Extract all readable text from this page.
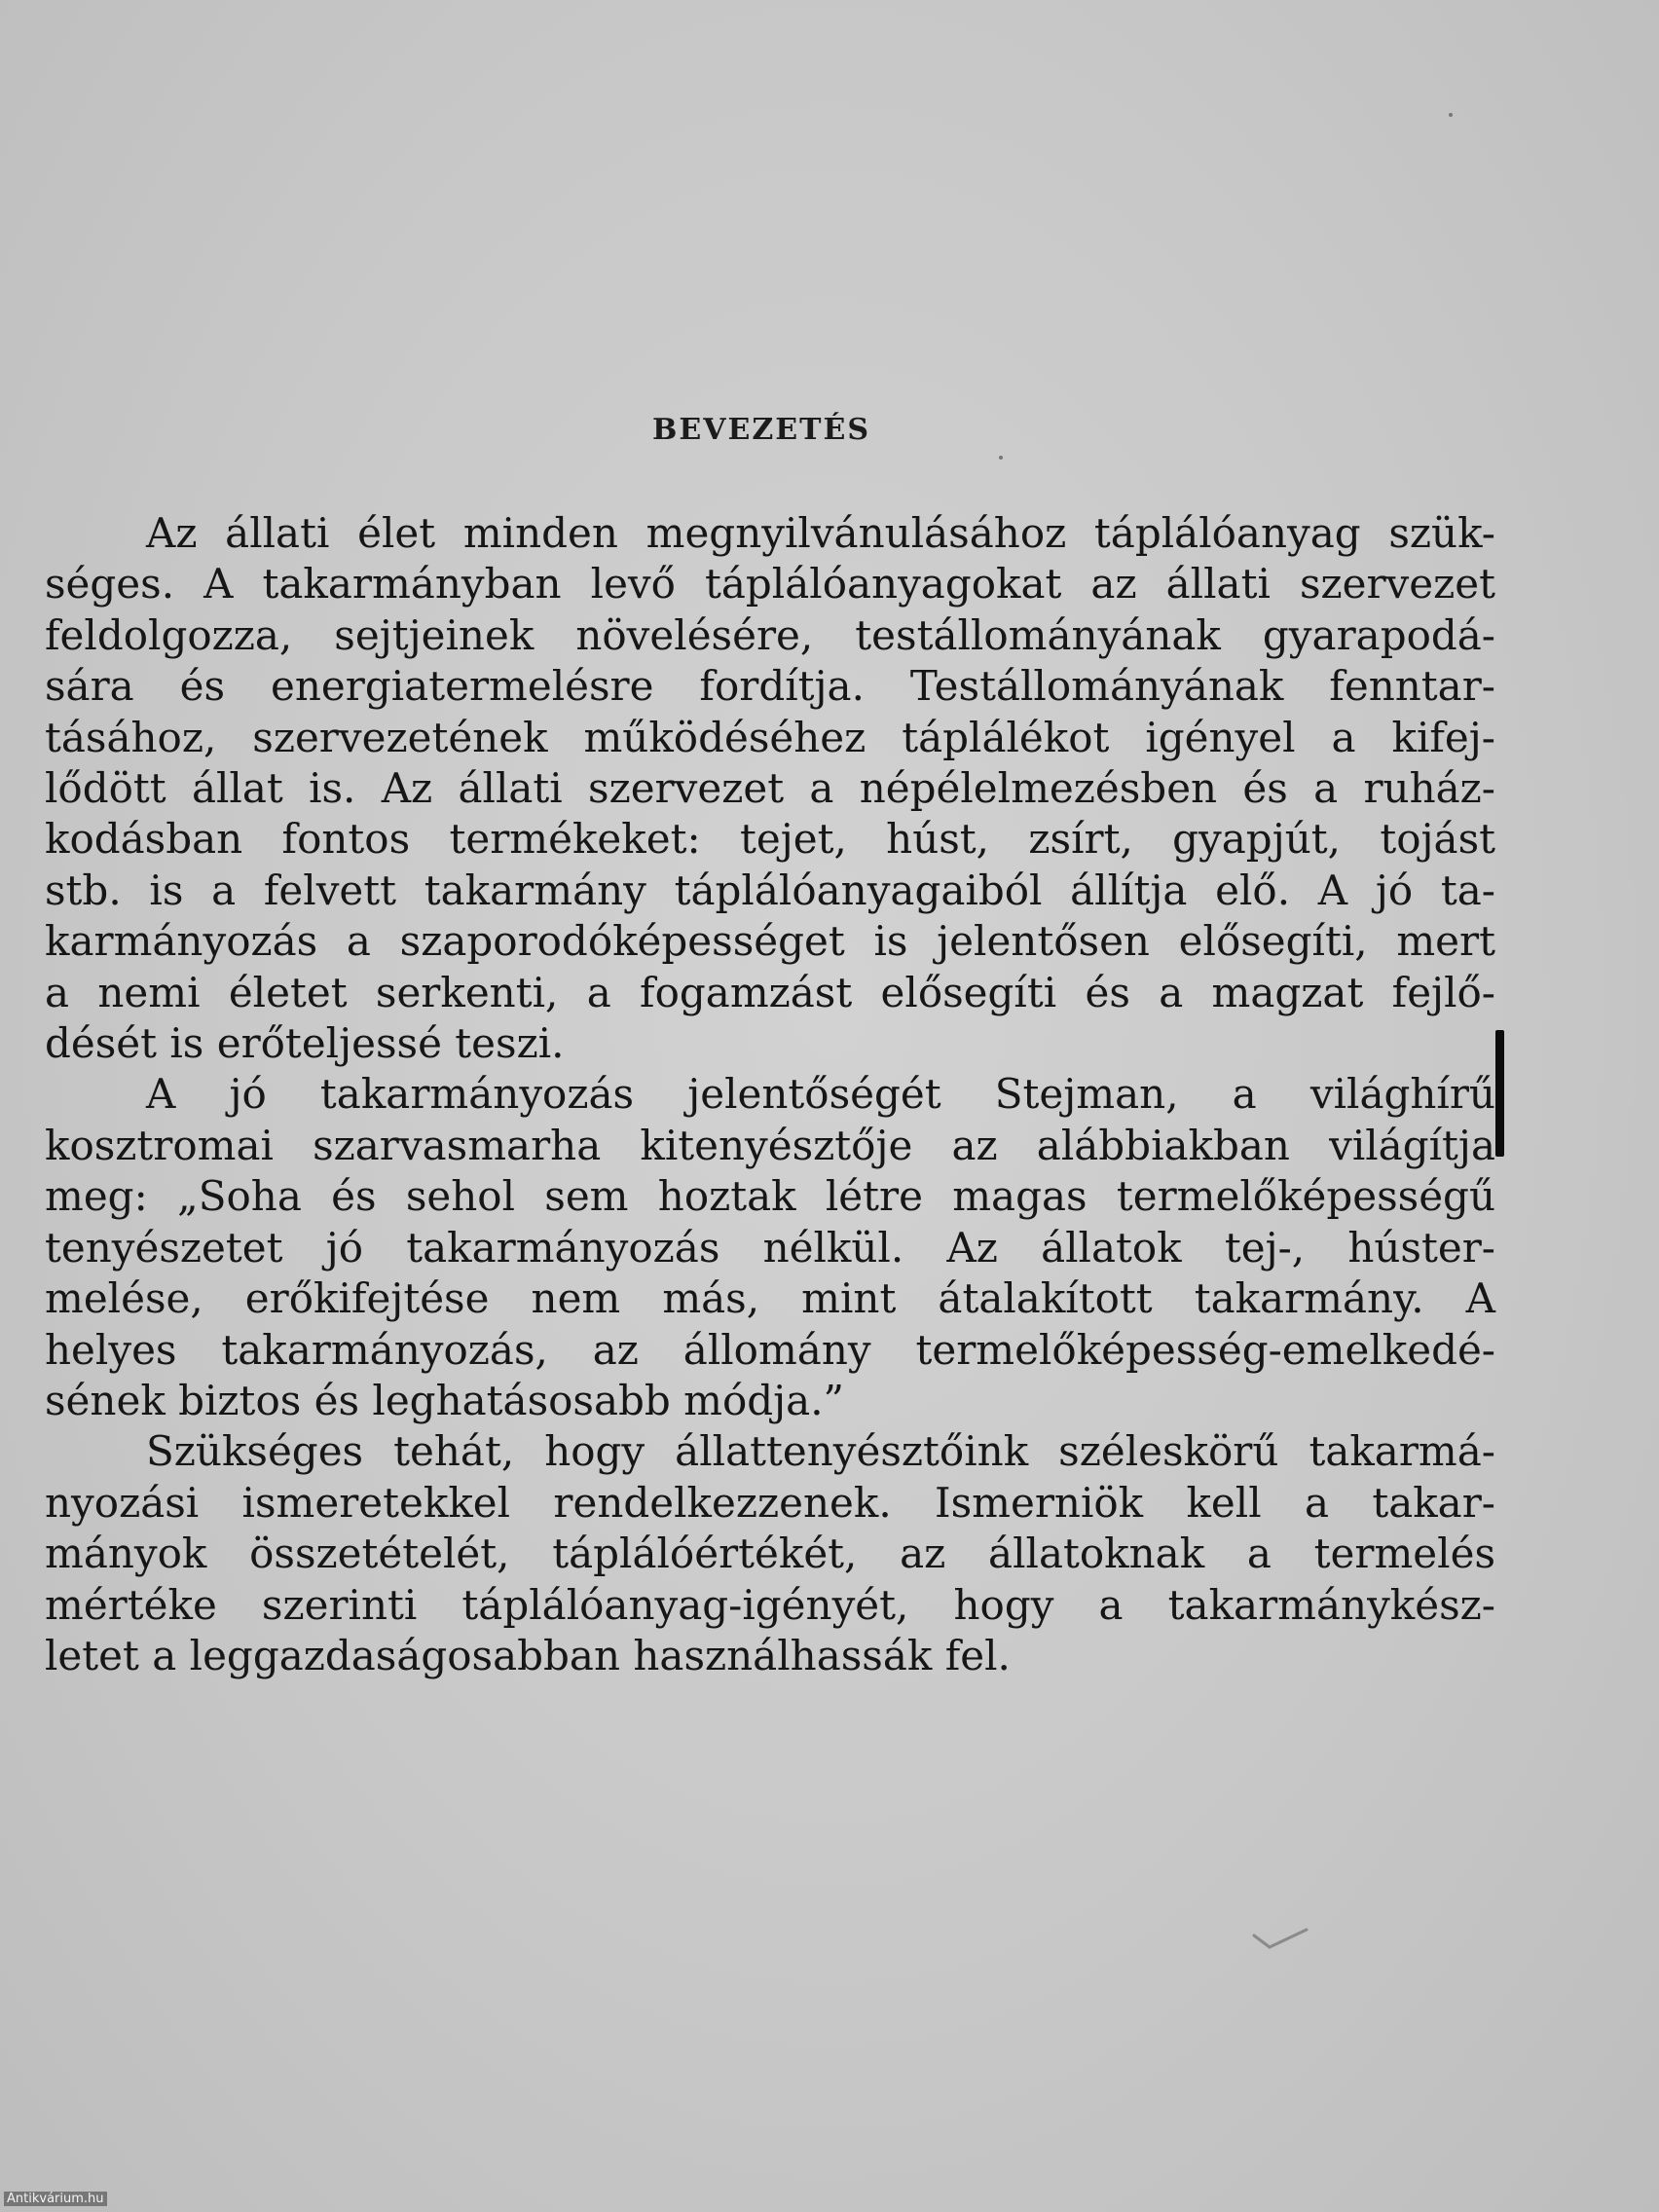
BEVEZETÉS
Az állati élet minden megnyilvánulásához táplálóanyag szük-
séges. A takarmányban levő táplálóanyagokat az állati szervezet
feldolgozza, sejtjeinek növelésére, testállományának gyarapodá-
sára és energiatermelésre fordítja. Testállományának fenntar-
tásához, szervezetének működéséhez táplálékot igényel a kifej-
lődött állat is. Az állati szervezet a népélelmezésben és a ruház-
kodásban fontos termékeket: tejet, húst, zsírt, gyapjút, tojást
stb. is a felvett takarmány táplálóanyagaiból állítja elő. A jó ta-
karmányozás a szaporodóképességet is jelentősen elősegíti, mert
a nemi életet serkenti, a fogamzást elősegíti és a magzat fejlő-
dését is erőteljessé teszi.
A jó takarmányozás jelentőségét Stejman, a világhírű
kosztromai szarvasmarha kitenyésztője az alábbiakban világítja
meg: „Soha és sehol sem hoztak létre magas termelőképességű
tenyészetet jó takarmányozás nélkül. Az állatok tej-, húster-
melése, erőkifejtése nem más, mint átalakított takarmány. A
helyes takarmányozás, az állomány termelőképesség-emelkedé-
sének biztos és leghatásosabb módja.”
Szükséges tehát, hogy állattenyésztőink széleskörű takarmá-
nyozási ismeretekkel rendelkezzenek. Ismerniök kell a takar-
mányok összetételét, táplálóértékét, az állatoknak a termelés
mértéke szerinti táplálóanyag-igényét, hogy a takarmánykész-
letet a leggazdaságosabban használhassák fel.
Antikvárium.hu
